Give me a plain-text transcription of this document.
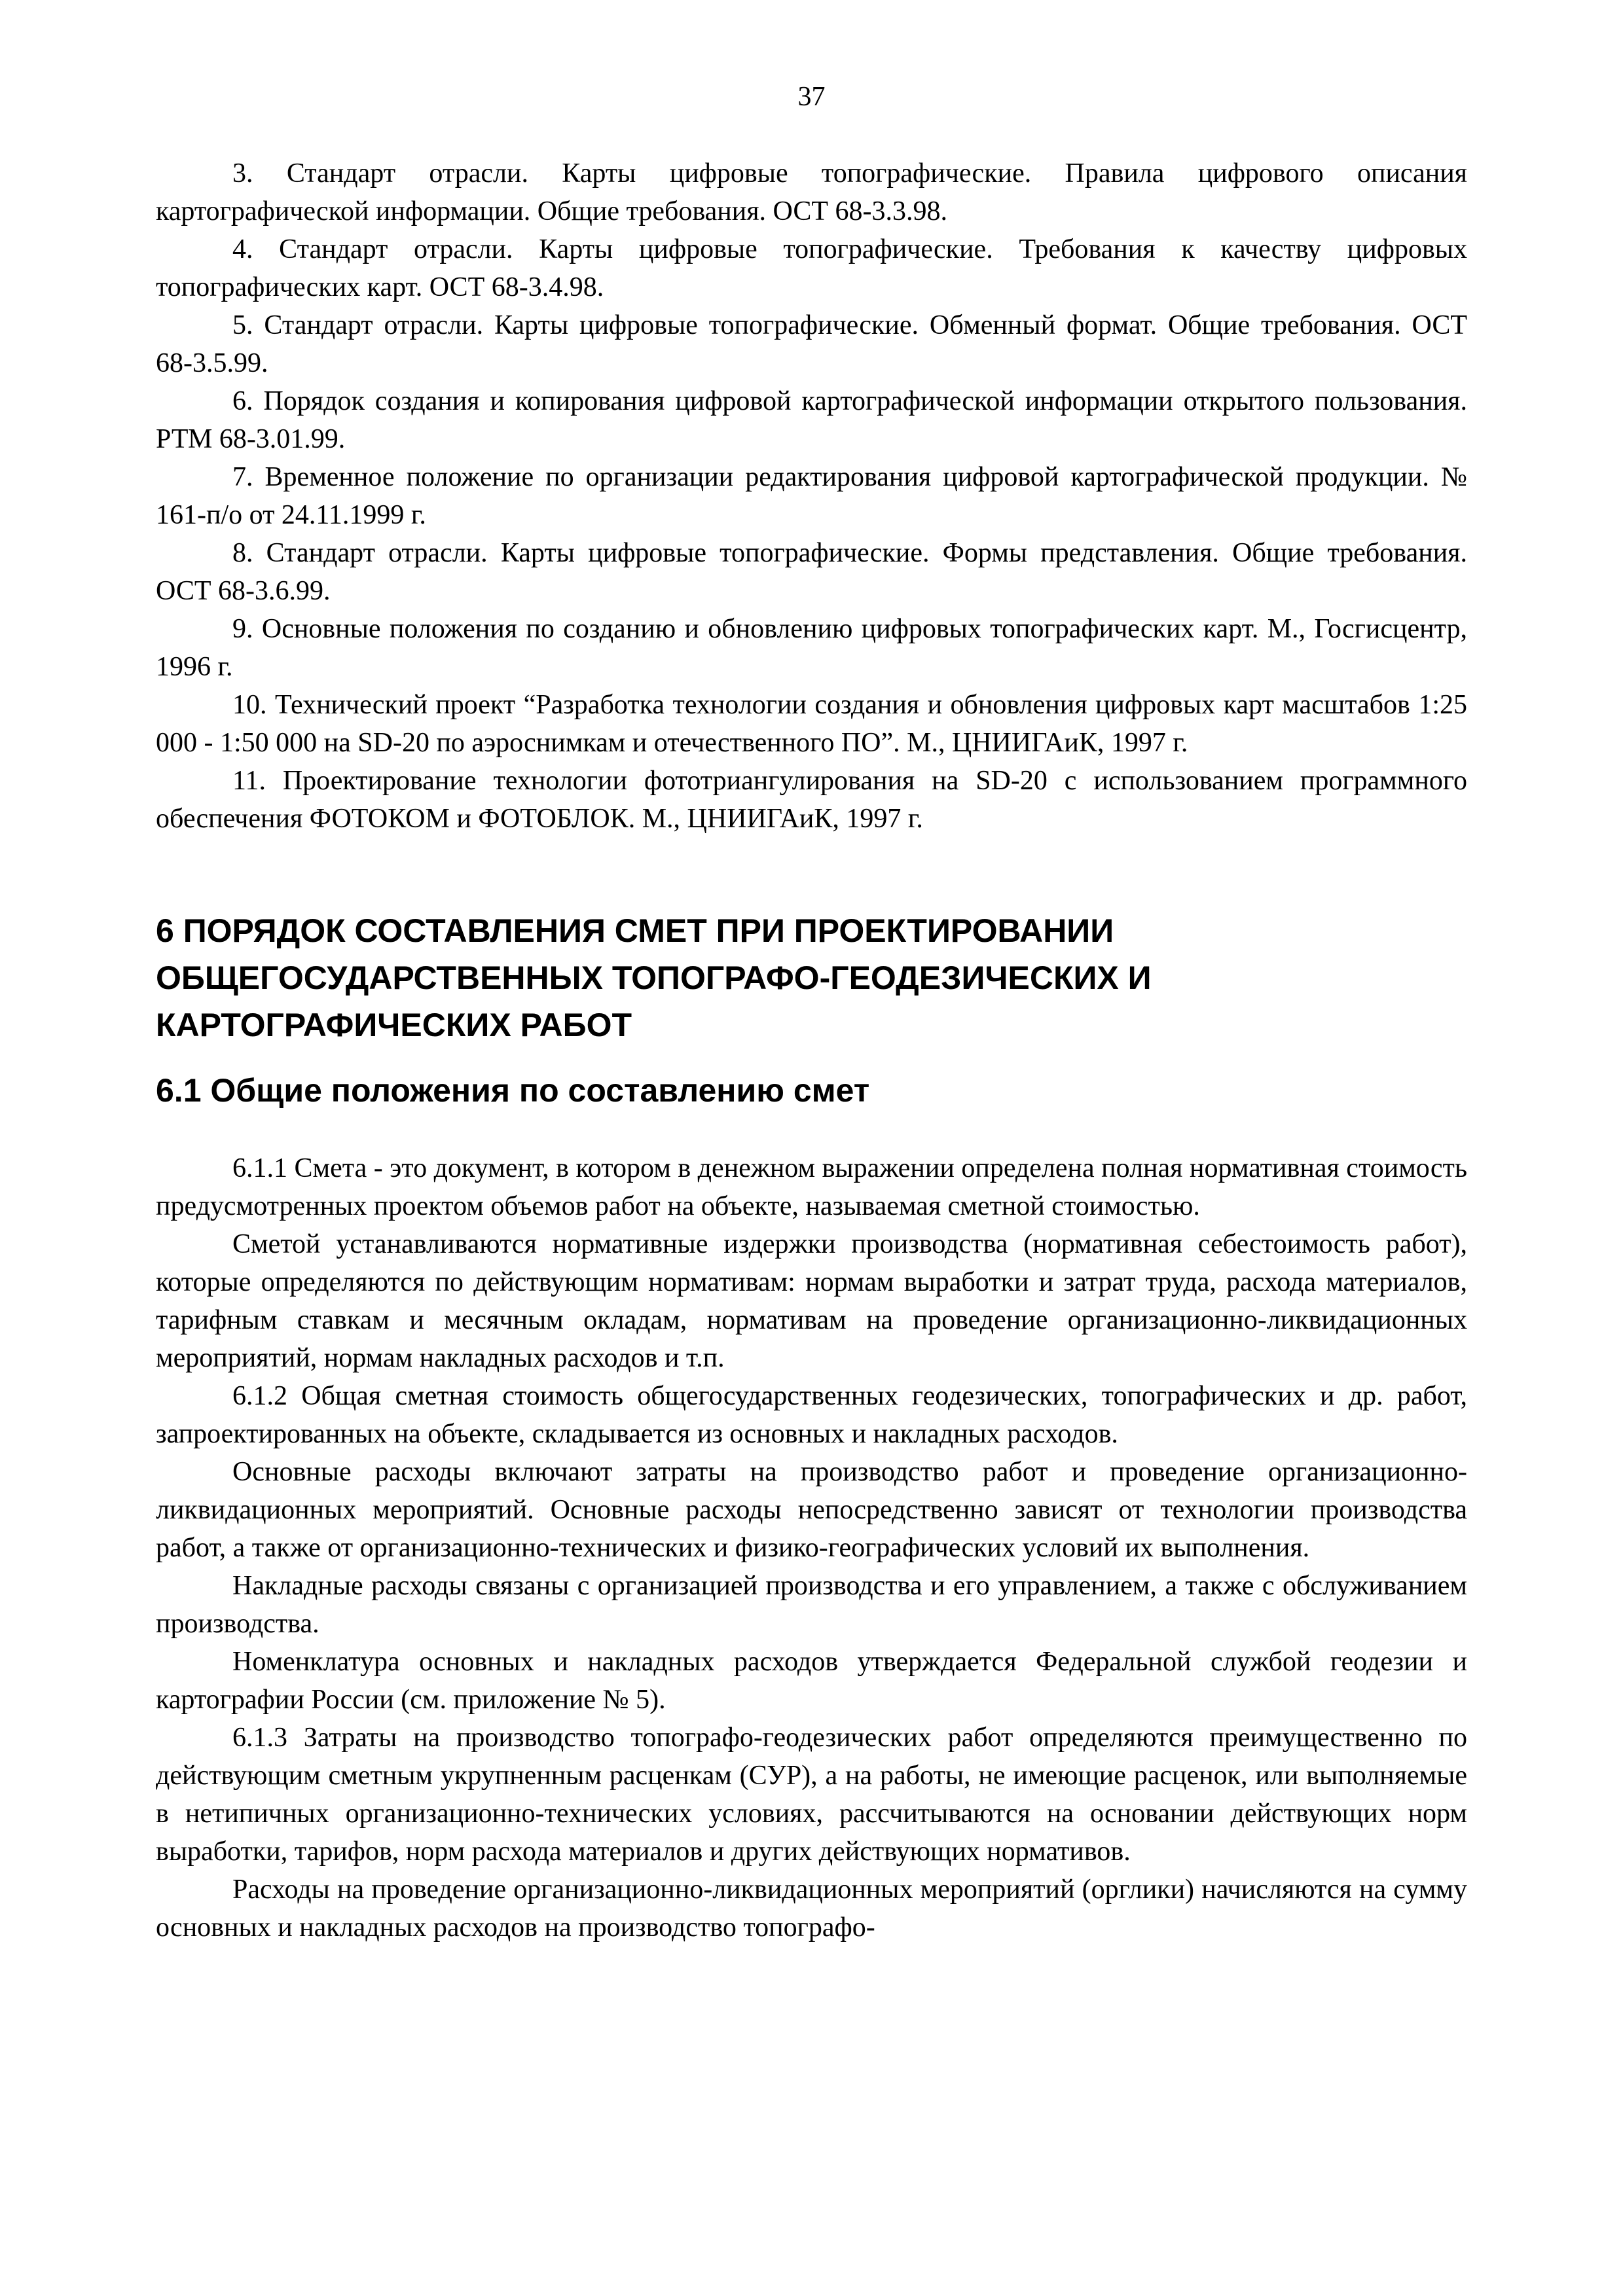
37

3. Стандарт отрасли. Карты цифровые топографические. Правила цифрового описания картографической информации. Общие требования. ОСТ 68-3.3.98.

4. Стандарт отрасли. Карты цифровые топографические. Требования к качеству цифровых топографических карт. ОСТ 68-3.4.98.

5. Стандарт отрасли. Карты цифровые топографические. Обменный формат. Общие требования. ОСТ 68-3.5.99.

6. Порядок создания и копирования цифровой картографической информации открытого пользования. РТМ 68-3.01.99.

7. Временное положение по организации редактирования цифровой картографической продукции. № 161-п/о от 24.11.1999 г.

8. Стандарт отрасли. Карты цифровые топографические. Формы представления. Общие требования. ОСТ 68-3.6.99.

9. Основные положения по созданию и обновлению цифровых топографических карт. М., Госгисцентр, 1996 г.

10. Технический проект “Разработка технологии создания и обновления цифровых карт масштабов 1:25 000 - 1:50 000 на SD-20 по аэроснимкам и отечественного ПО”. М., ЦНИИГАиК, 1997 г.

11. Проектирование технологии фототриангулирования на SD-20 с использованием программного обеспечения ФОТОКОМ и ФОТОБЛОК. М., ЦНИИГАиК, 1997 г.

6 ПОРЯДОК СОСТАВЛЕНИЯ СМЕТ ПРИ ПРОЕКТИРОВАНИИ ОБЩЕГОСУДАРСТВЕННЫХ ТОПОГРАФО-ГЕОДЕЗИЧЕСКИХ И КАРТОГРАФИЧЕСКИХ РАБОТ
6.1 Общие положения по составлению смет

6.1.1 Смета - это документ, в котором в денежном выражении определена полная нормативная стоимость предусмотренных проектом объемов работ на объекте, называемая сметной стоимостью.

Сметой устанавливаются нормативные издержки производства (нормативная себестоимость работ), которые определяются по действующим нормативам: нормам выработки и затрат труда, расхода материалов, тарифным ставкам и месячным окладам, нормативам на проведение организационно-ликвидационных мероприятий, нормам накладных расходов и т.п.

6.1.2 Общая сметная стоимость общегосударственных геодезических, топографических и др. работ, запроектированных на объекте, складывается из основных и накладных расходов.

Основные расходы включают затраты на производство работ и проведение организационно-ликвидационных мероприятий. Основные расходы непосредственно зависят от технологии производства работ, а также от организационно-технических и физико-географических условий их выполнения.

Накладные расходы связаны с организацией производства и его управлением, а также с обслуживанием производства.

Номенклатура основных и накладных расходов утверждается Федеральной службой геодезии и картографии России (см. приложение № 5).

6.1.3 Затраты на производство топографо-геодезических работ определяются преимущественно по действующим сметным укрупненным расценкам (СУР), а на работы, не имеющие расценок, или выполняемые в нетипичных организационно-технических условиях, рассчитываются на основании действующих норм выработки, тарифов, норм расхода материалов и других действующих нормативов.

Расходы на проведение организационно-ликвидационных мероприятий (орглики) начисляются на сумму основных и накладных расходов на производство топографо-
